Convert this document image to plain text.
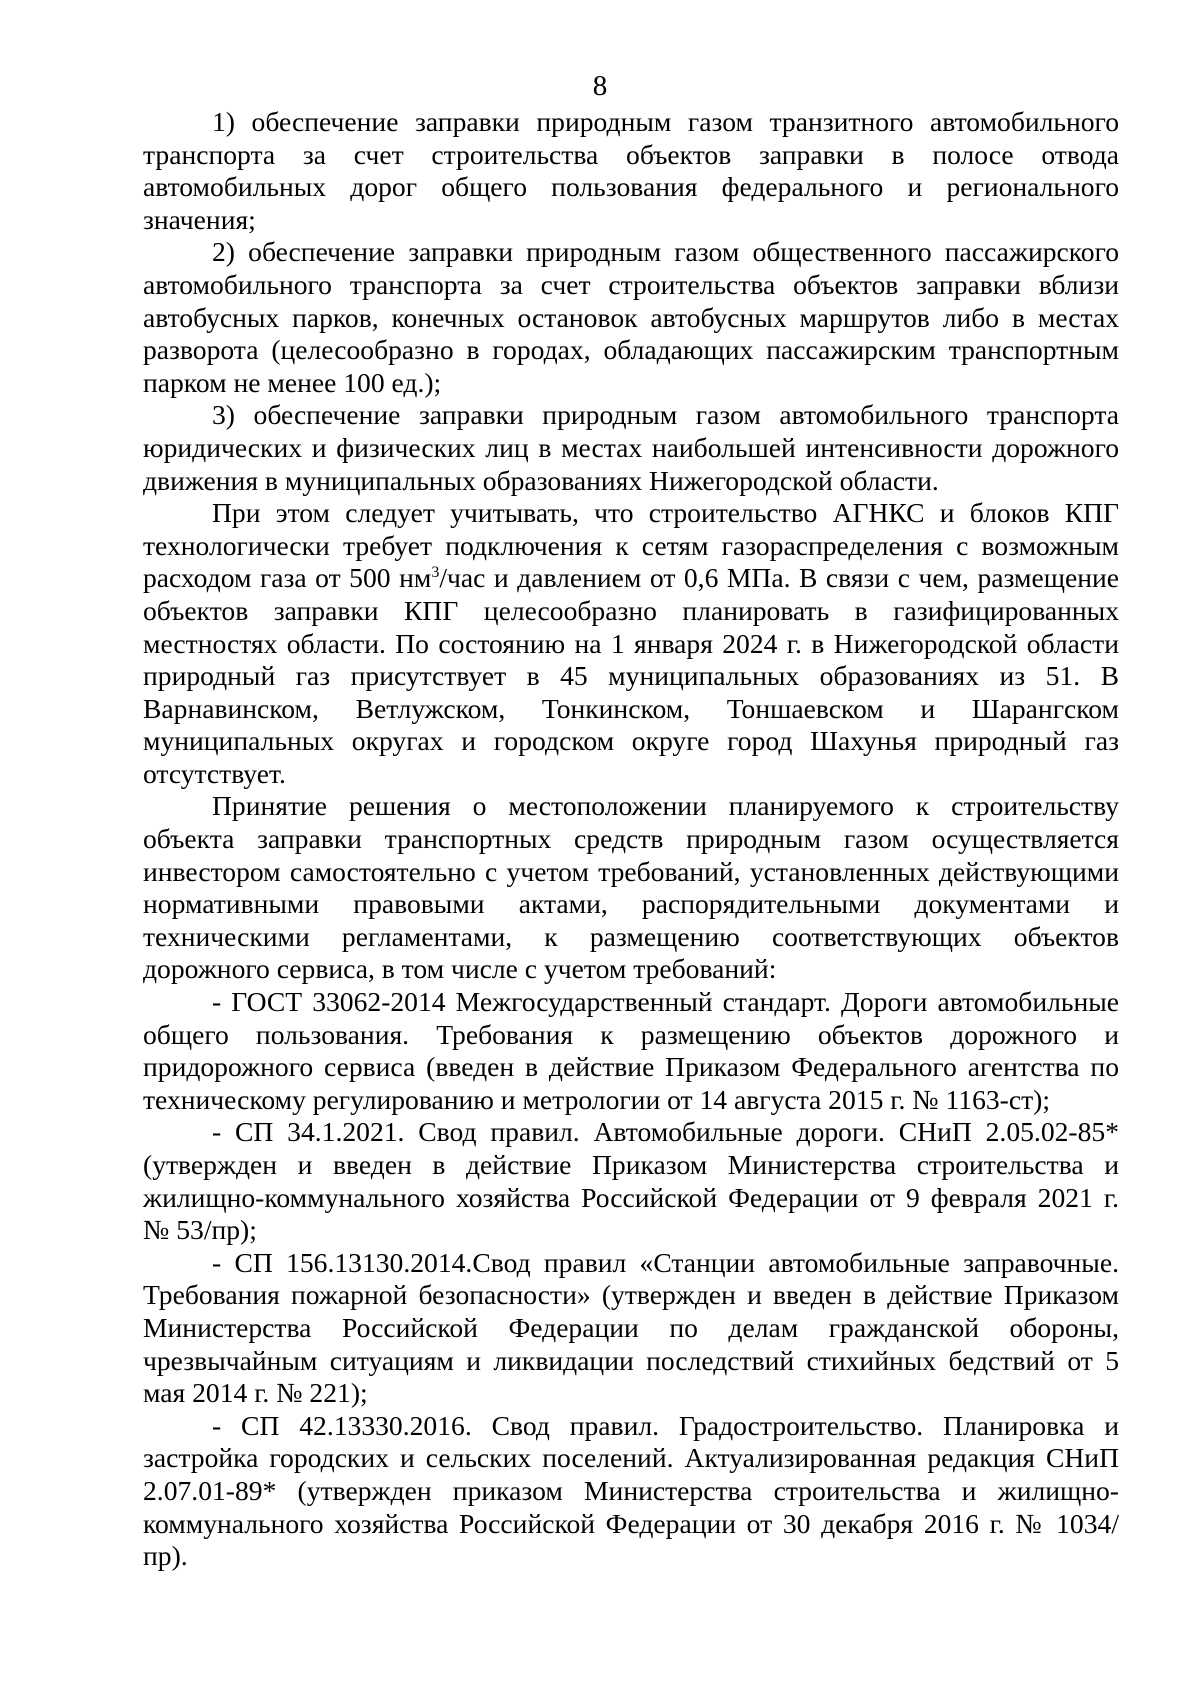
8

1) обеспечение заправки природным газом транзитного автомобильного транспорта за счет строительства объектов заправки в полосе отвода автомобильных дорог общего пользования федерального и регионального значения;

2) обеспечение заправки природным газом общественного пассажирского автомобильного транспорта за счет строительства объектов заправки вблизи автобусных парков, конечных остановок автобусных маршрутов либо в местах разворота (целесообразно в городах, обладающих пассажирским транспортным парком не менее 100 ед.);

3) обеспечение заправки природным газом автомобильного транспорта юридических и физических лиц в местах наибольшей интенсивности дорожного движения в муниципальных образованиях Нижегородской области.

При этом следует учитывать, что строительство АГНКС и блоков КПГ технологически требует подключения к сетям газораспределения с возможным расходом газа от 500 $нм^3$/час и давлением от 0,6 МПа. В связи с чем, размещение объектов заправки КПГ целесообразно планировать в газифицированных местностях области. По состоянию на 1 января 2024 г. в Нижегородской области природный газ присутствует в 45 муниципальных образованиях из 51. В Варнавинском, Ветлужском, Тонкинском, Тоншаевском и Шарангском муниципальных округах и городском округе город Шахунья природный газ отсутствует.

Принятие решения о местоположении планируемого к строительству объекта заправки транспортных средств природным газом осуществляется инвестором самостоятельно с учетом требований, установленных действующими нормативными правовыми актами, распорядительными документами и техническими регламентами, к размещению соответствующих объектов дорожного сервиса, в том числе с учетом требований:

- ГОСТ 33062-2014 Межгосударственный стандарт. Дороги автомобильные общего пользования. Требования к размещению объектов дорожного и придорожного сервиса (введен в действие Приказом Федерального агентства по техническому регулированию и метрологии от 14 августа 2015 г. № 1163-ст);

- СП 34.1.2021. Свод правил. Автомобильные дороги. СНиП 2.05.02-85* (утвержден и введен в действие Приказом Министерства строительства и жилищно-коммунального хозяйства Российской Федерации от 9 февраля 2021 г. № 53/пр);

- СП 156.13130.2014.Свод правил «Станции автомобильные заправочные. Требования пожарной безопасности» (утвержден и введен в действие Приказом Министерства Российской Федерации по делам гражданской обороны, чрезвычайным ситуациям и ликвидации последствий стихийных бедствий от 5 мая 2014 г. № 221);

- СП 42.13330.2016. Свод правил. Градостроительство. Планировка и застройка городских и сельских поселений. Актуализированная редакция СНиП 2.07.01-89* (утвержден приказом Министерства строительства и жилищно-коммунального хозяйства Российской Федерации от 30 декабря 2016 г. № 1034/пр).
